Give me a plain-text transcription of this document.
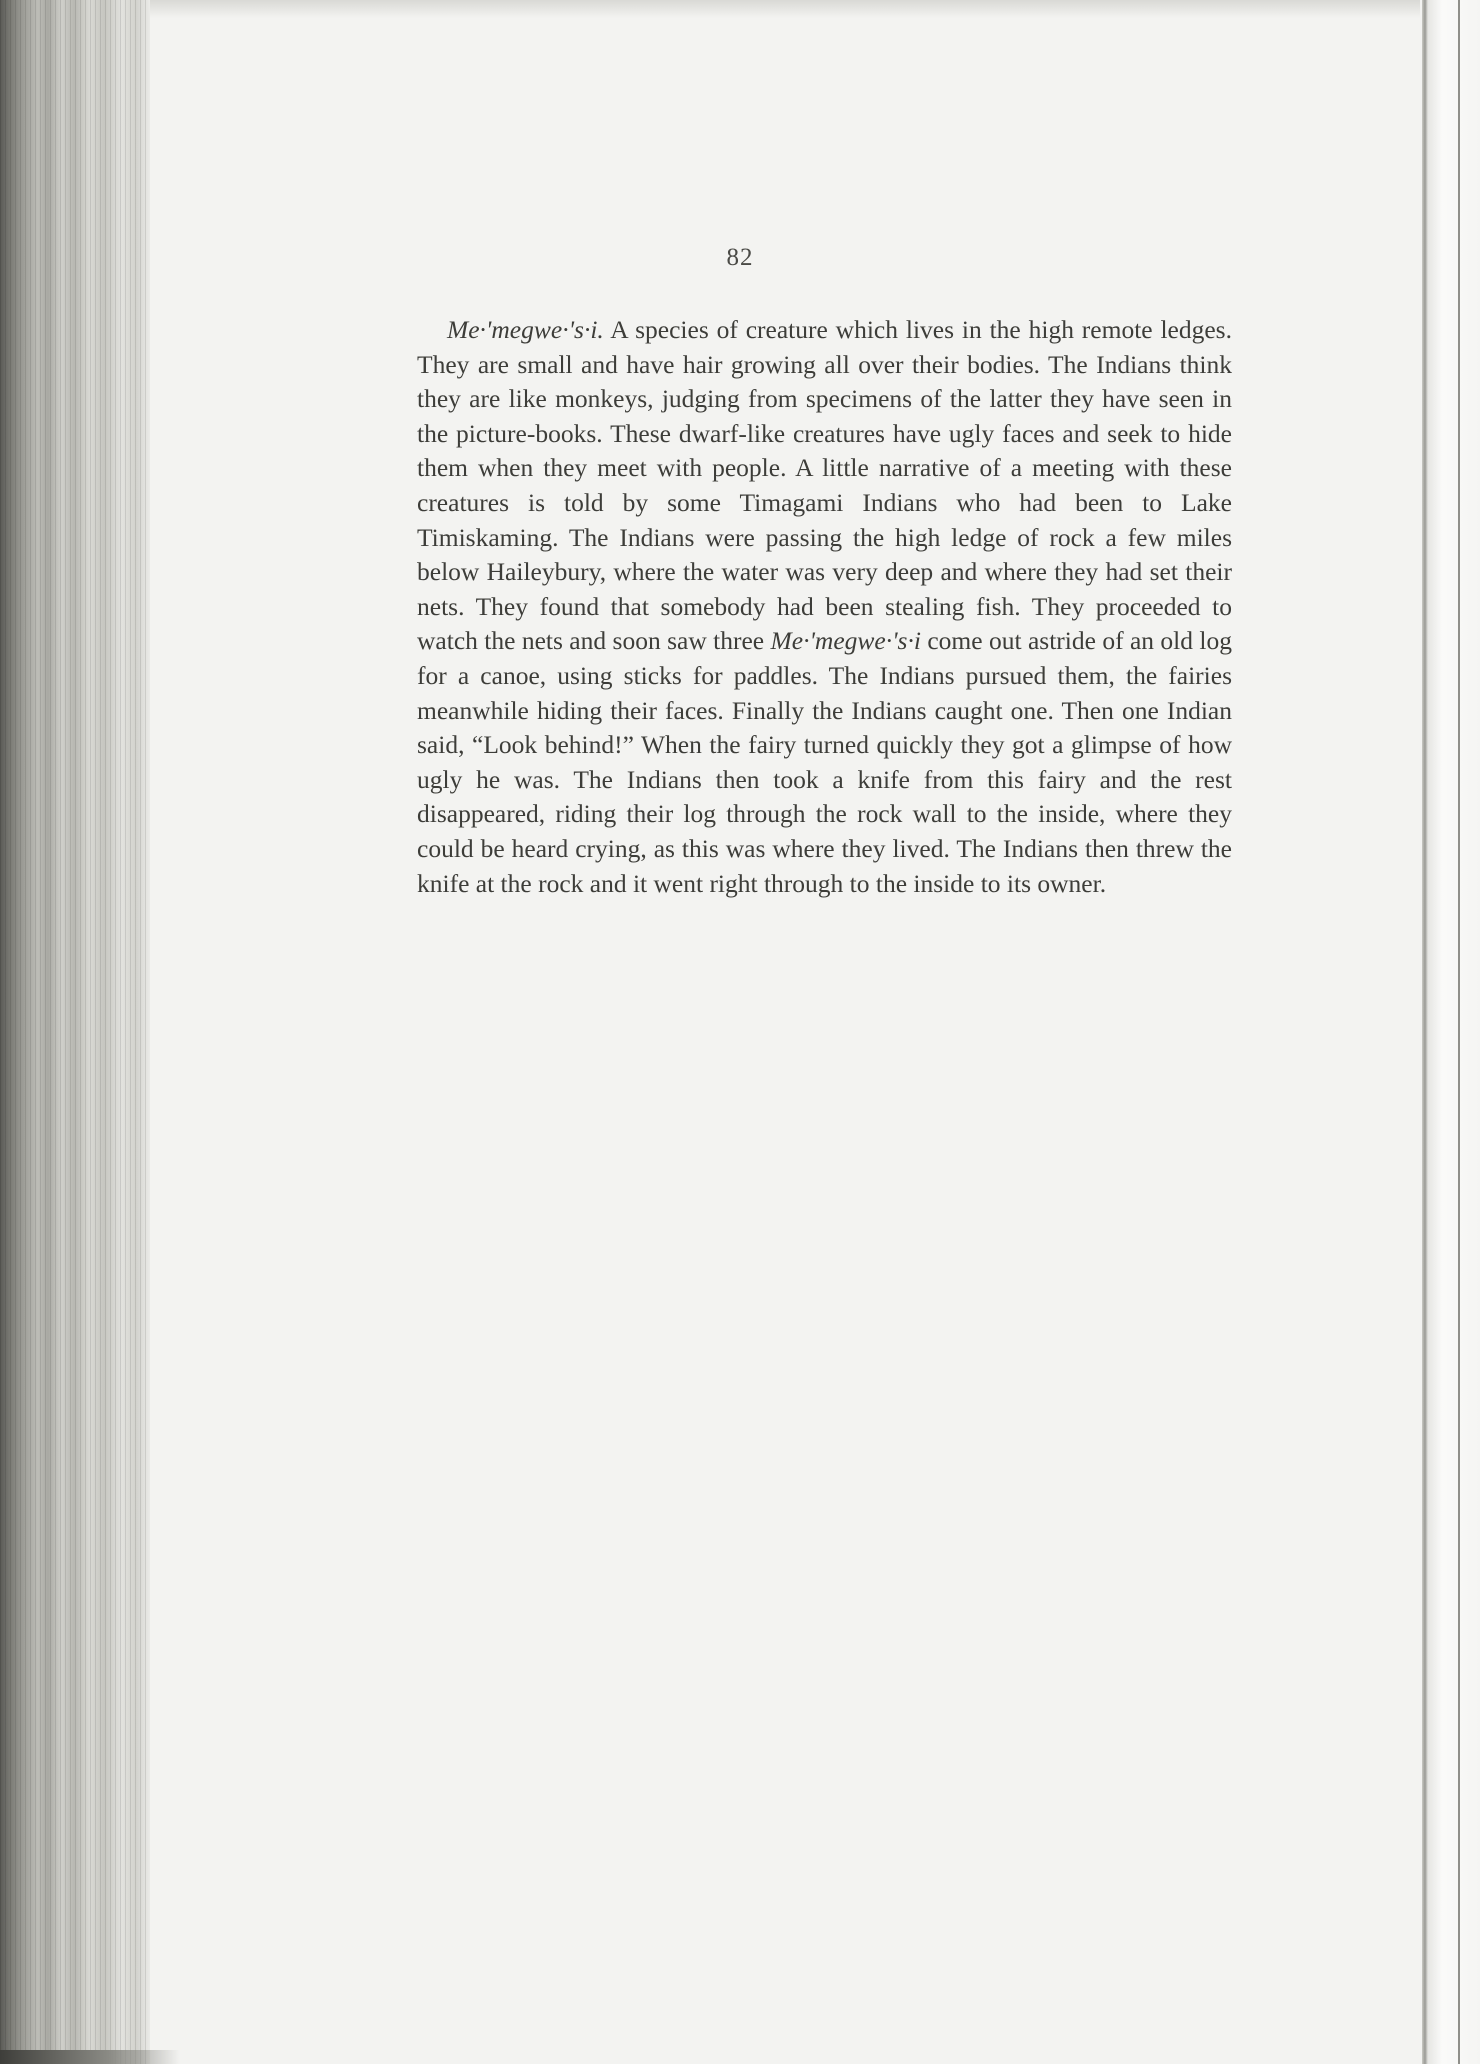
82

Me·'megwe·'s·i. A species of creature which lives in the high remote ledges. They are small and have hair growing all over their bodies. The Indians think they are like monkeys, judging from specimens of the latter they have seen in the picture-books. These dwarf-like creatures have ugly faces and seek to hide them when they meet with people. A little narrative of a meeting with these creatures is told by some Timagami Indians who had been to Lake Timiskaming. The Indians were passing the high ledge of rock a few miles below Haileybury, where the water was very deep and where they had set their nets. They found that somebody had been stealing fish. They proceeded to watch the nets and soon saw three Me·'megwe·'s·i come out astride of an old log for a canoe, using sticks for paddles. The Indians pursued them, the fairies meanwhile hiding their faces. Finally the Indians caught one. Then one Indian said, “Look behind!” When the fairy turned quickly they got a glimpse of how ugly he was. The Indians then took a knife from this fairy and the rest disappeared, riding their log through the rock wall to the inside, where they could be heard crying, as this was where they lived. The Indians then threw the knife at the rock and it went right through to the inside to its owner.
